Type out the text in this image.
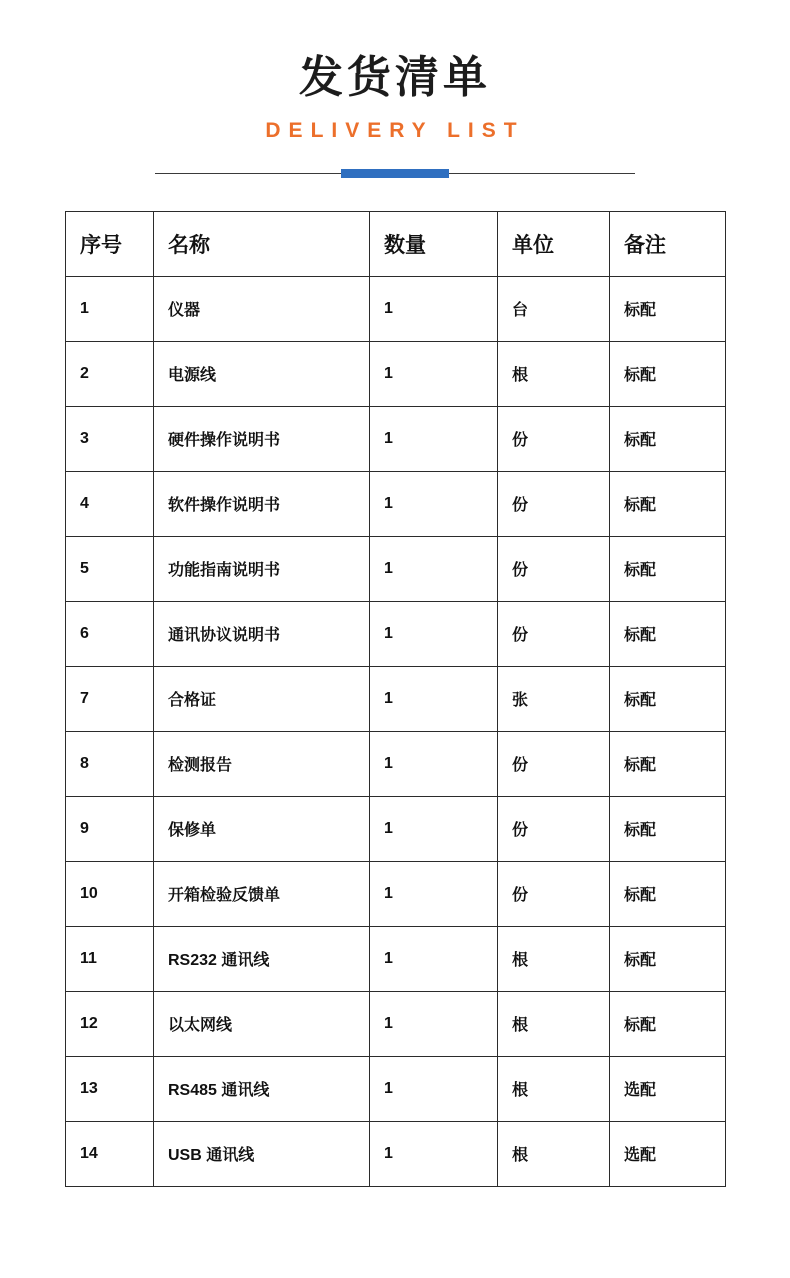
发货清单
DELIVERY LIST
序号	名称	数量	单位	备注
1	仪器	1	台	标配
2	电源线	1	根	标配
3	硬件操作说明书	1	份	标配
4	软件操作说明书	1	份	标配
5	功能指南说明书	1	份	标配
6	通讯协议说明书	1	份	标配
7	合格证	1	张	标配
8	检测报告	1	份	标配
9	保修单	1	份	标配
10	开箱检验反馈单	1	份	标配
11	RS232 通讯线	1	根	标配
12	以太网线	1	根	标配
13	RS485 通讯线	1	根	选配
14	USB 通讯线	1	根	选配
